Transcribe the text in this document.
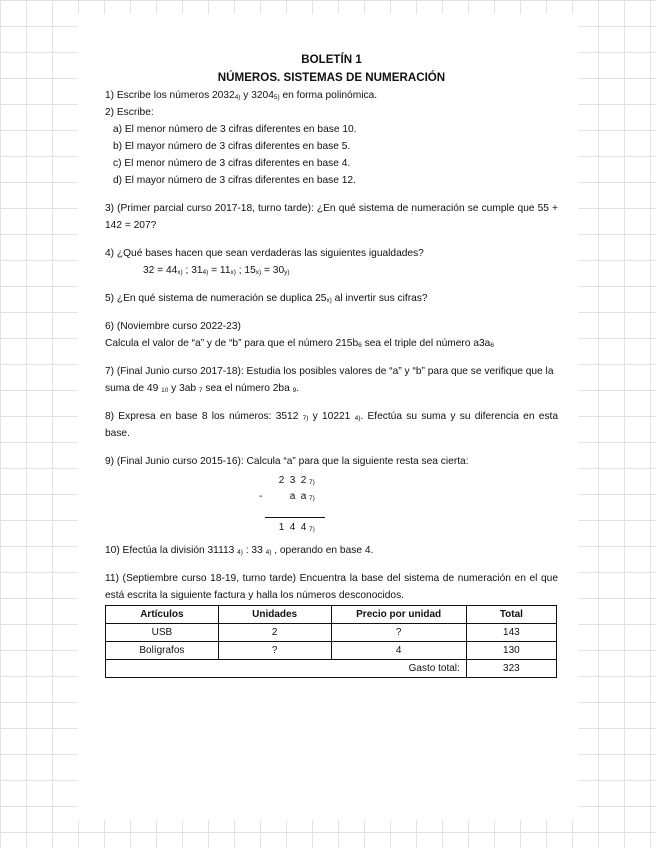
BOLETÍN 1
NÚMEROS. SISTEMAS DE NUMERACIÓN

1) Escribe los números $2032_{4)}$ y $3204_{5)}$ en forma polinómica.

2) Escribe:

a) El menor número de 3 cifras diferentes en base 10.

b) El mayor número de 3 cifras diferentes en base 5.

c) El menor número de 3 cifras diferentes en base 4.

d) El mayor número de 3 cifras diferentes en base 12.

3) (Primer parcial curso 2017-18, turno tarde): ¿En qué sistema de numeración se cumple que 55 + 142 = 207?

4) ¿Qué bases hacen que sean verdaderas las siguientes igualdades?

$32 = 44_{x)}$ ; $31_{4)} = 11_{x)}$ ; $15_{x)} = 30_{y)}$

5) ¿En qué sistema de numeración se duplica $25_{x)}$ al invertir sus cifras?

6) (Noviembre curso 2022-23)

Calcula el valor de “a” y de “b” para que el número $215b_6$ sea el triple del número $a3a_6$

7) (Final Junio curso 2017-18): Estudia los posibles valores de “a” y “b” para que se verifique que la suma de 49 $_{10}$ y 3ab $_7$ sea el número 2ba $_9$.

8) Expresa en base 8 los números: 3512 $_{7)}$ y 10221 $_{4)}$. Efectúa su suma y su diferencia en esta base.

9) (Final Junio curso 2015-16): Calcula “a” para que la siguiente resta sea cierta:

2 3 2 7)
-	a a 7)
1 4 4 7)

10) Efectúa la división 31113 $_{4)}$ : 33 $_{4)}$ , operando en base 4.

11) (Septiembre curso 18-19, turno tarde) Encuentra la base del sistema de numeración en el que está escrita la siguiente factura y halla los números desconocidos.

Artículos	Unidades	Precio por unidad	Total
USB	2	?	143
Bolígrafos	?	4	130
Gasto total:			323
